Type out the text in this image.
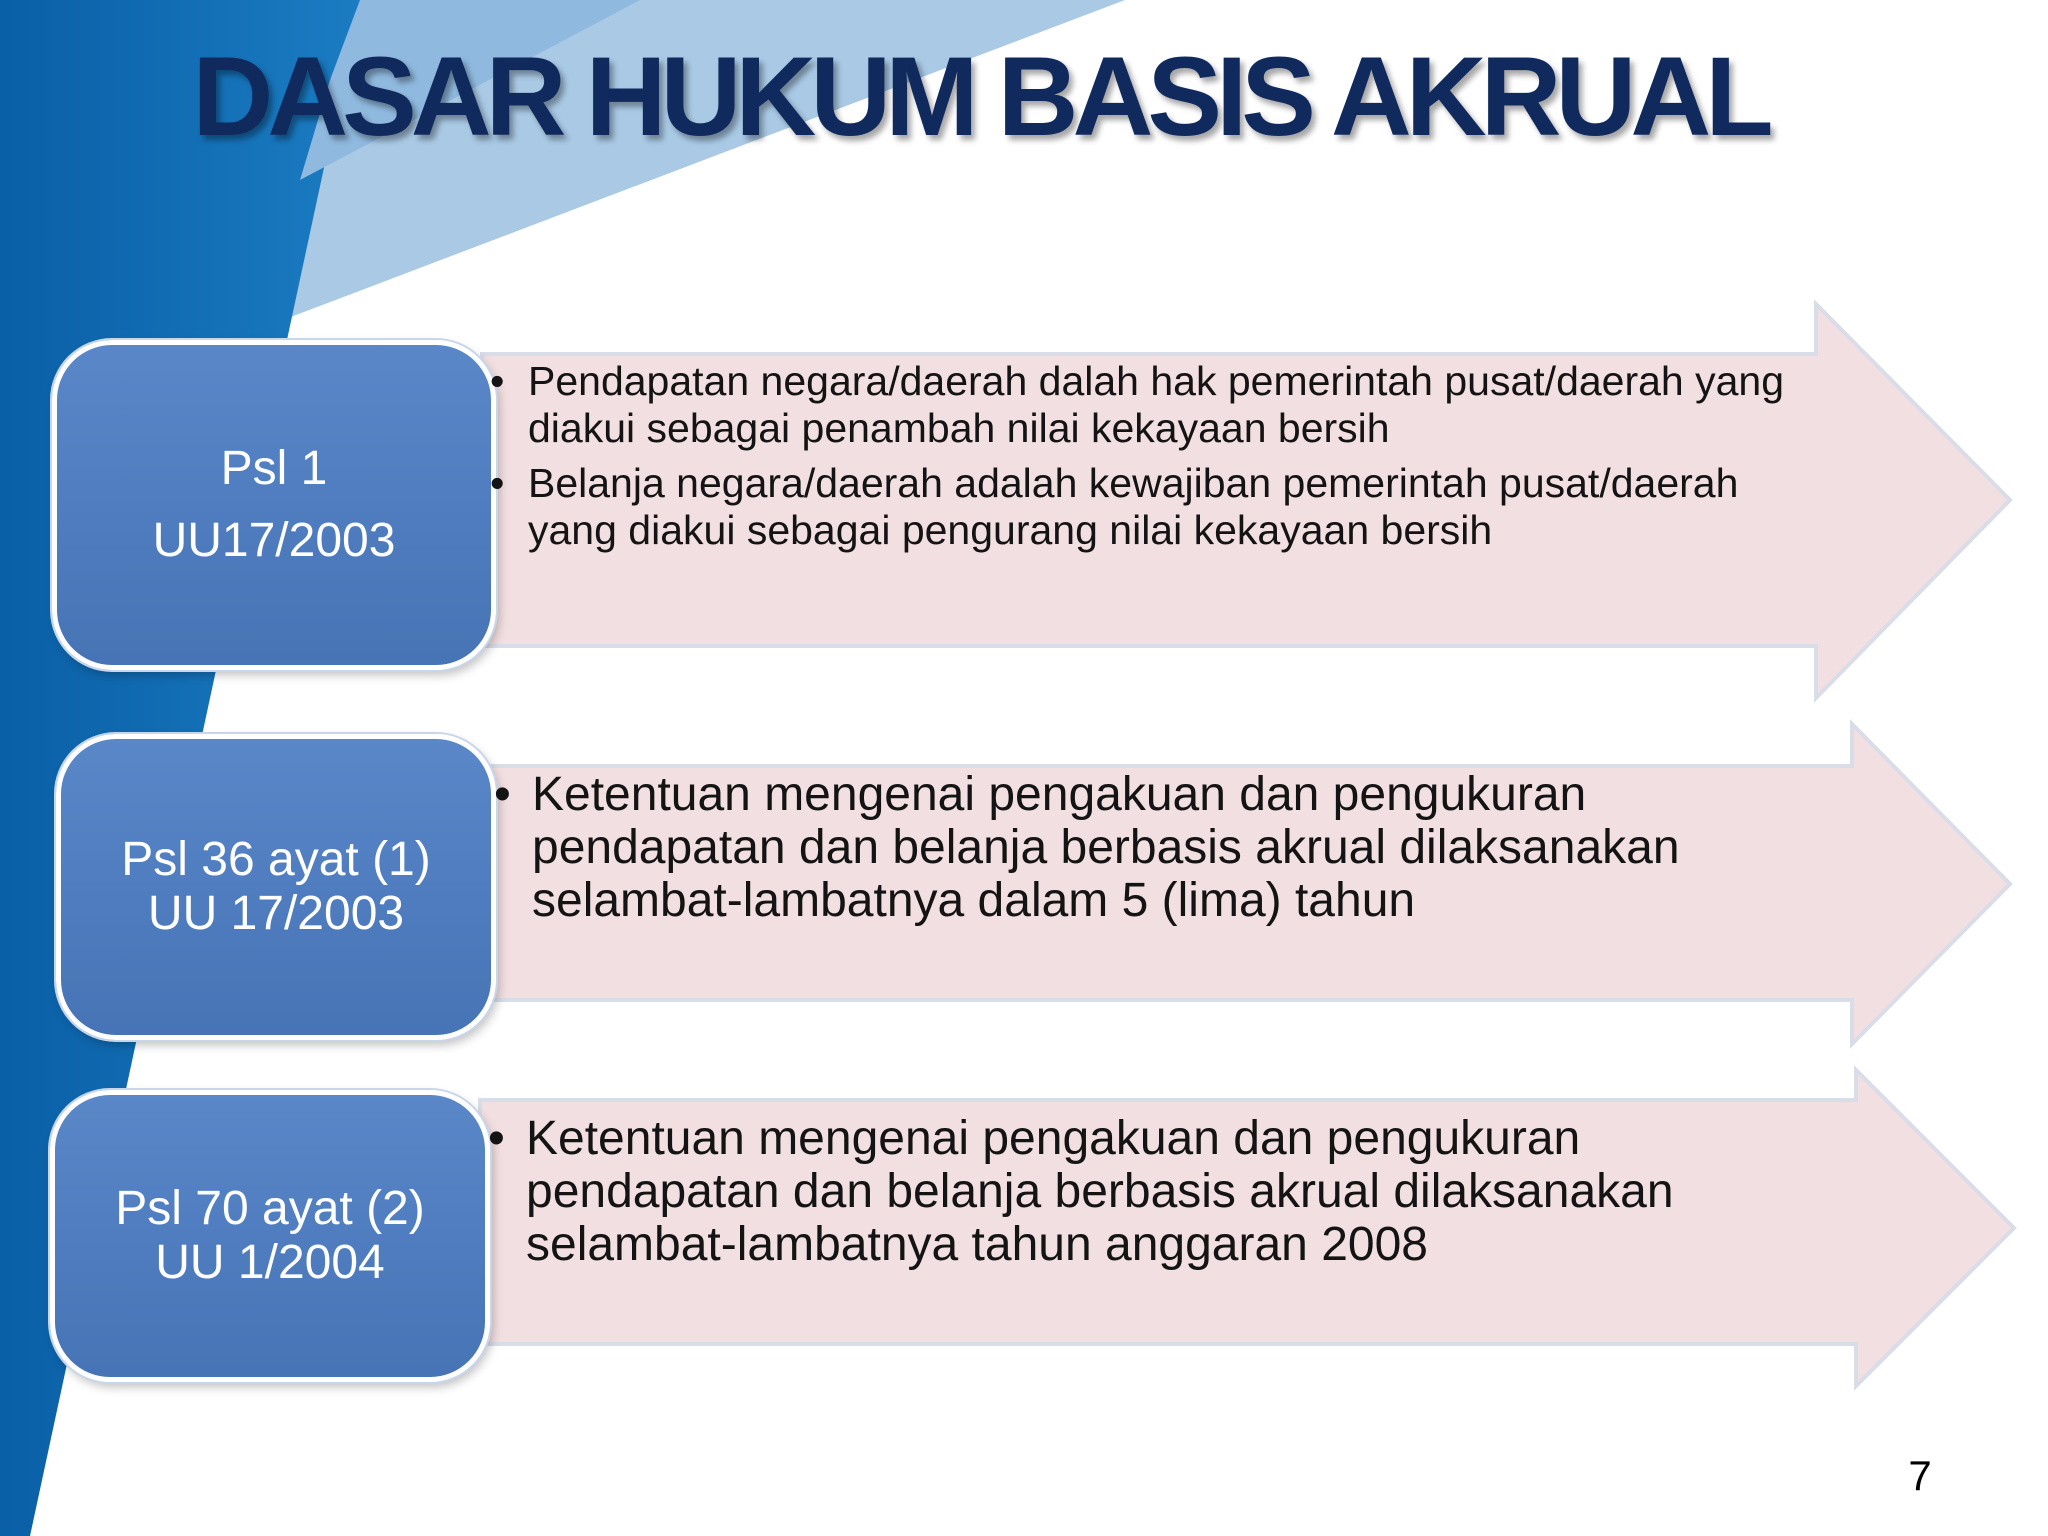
DASAR HUKUM BASIS AKRUAL
Psl 1
UU17/2003
• Pendapatan negara/daerah dalah hak pemerintah pusat/daerah yang diakui sebagai penambah nilai kekayaan bersih
• Belanja negara/daerah adalah kewajiban pemerintah pusat/daerah yang diakui sebagai pengurang nilai kekayaan bersih
Psl 36 ayat (1)
UU 17/2003
• Ketentuan mengenai pengakuan dan pengukuran pendapatan dan belanja berbasis akrual dilaksanakan selambat-lambatnya dalam 5 (lima) tahun
Psl 70 ayat (2)
UU 1/2004
• Ketentuan mengenai pengakuan dan pengukuran pendapatan dan belanja berbasis akrual dilaksanakan selambat-lambatnya tahun anggaran 2008
7
